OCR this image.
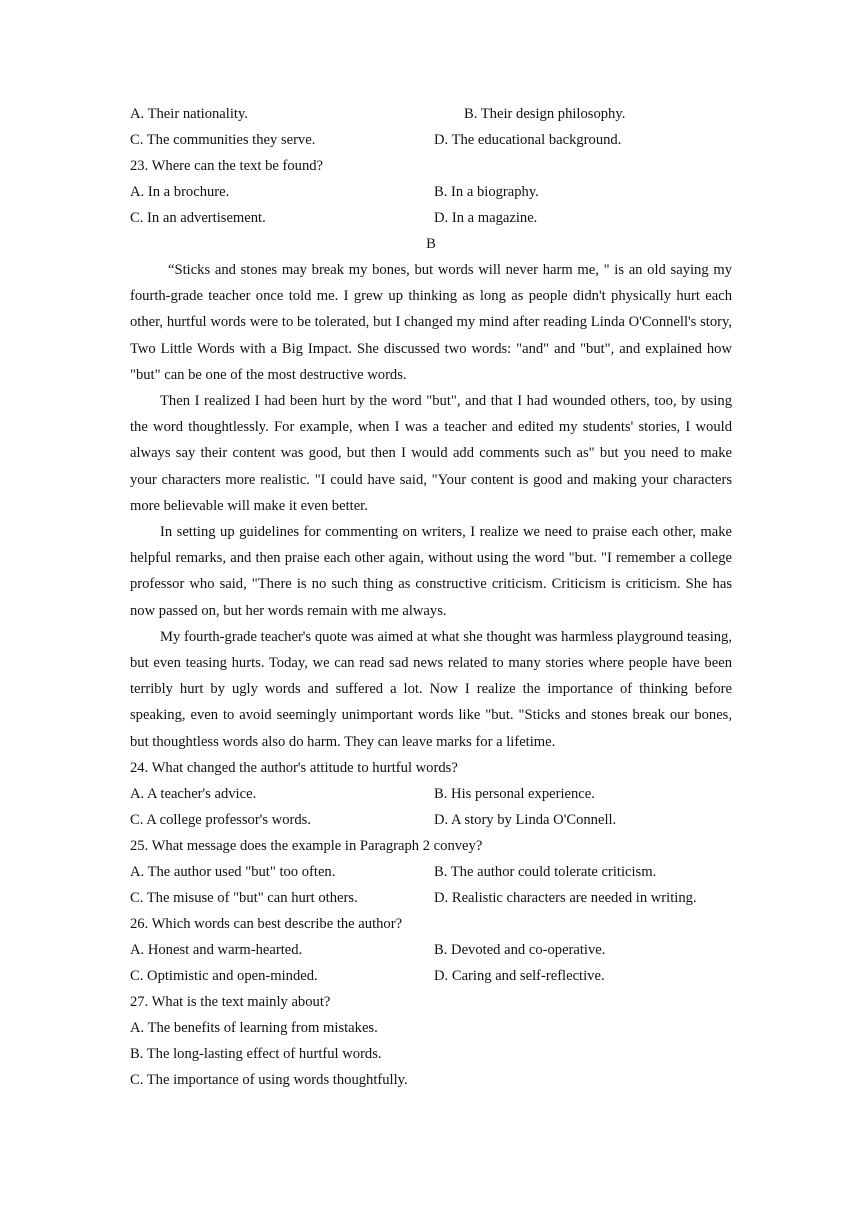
A. Their nationality.	B. Their design philosophy.
C. The communities they serve.	D. The educational background.
23. Where can the text be found?
A. In a brochure.	B. In a biography.
C. In an advertisement.	D. In a magazine.
B

“Sticks and stones may break my bones, but words will never harm me, " is an old saying my fourth-grade teacher once told me. I grew up thinking as long as people didn't physically hurt each other, hurtful words were to be tolerated, but I changed my mind after reading Linda O'Connell's story, Two Little Words with a Big Impact. She discussed two words: "and" and "but", and explained how "but" can be one of the most destructive words.

Then I realized I had been hurt by the word "but", and that I had wounded others, too, by using the word thoughtlessly. For example, when I was a teacher and edited my students' stories, I would always say their content was good, but then I would add comments such as" but you need to make your characters more realistic. "I could have said, "Your content is good and making your characters more believable will make it even better.

In setting up guidelines for commenting on writers, I realize we need to praise each other, make helpful remarks, and then praise each other again, without using the word "but. "I remember a college professor who said, "There is no such thing as constructive criticism. Criticism is criticism. She has now passed on, but her words remain with me always.

My fourth-grade teacher's quote was aimed at what she thought was harmless playground teasing, but even teasing hurts. Today, we can read sad news related to many stories where people have been terribly hurt by ugly words and suffered a lot. Now I realize the importance of thinking before speaking, even to avoid seemingly unimportant words like "but. "Sticks and stones break our bones, but thoughtless words also do harm. They can leave marks for a lifetime.

24. What changed the author's attitude to hurtful words?
A. A teacher's advice.	B. His personal experience.
C. A college professor's words.	D. A story by Linda O'Connell.
25. What message does the example in Paragraph 2 convey?
A. The author used "but" too often.	B. The author could tolerate criticism.
C. The misuse of "but" can hurt others.	D. Realistic characters are needed in writing.
26. Which words can best describe the author?
A. Honest and warm-hearted.	B. Devoted and co-operative.
C. Optimistic and open-minded.	D. Caring and self-reflective.
27. What is the text mainly about?
A. The benefits of learning from mistakes.
B. The long-lasting effect of hurtful words.
C. The importance of using words thoughtfully.
